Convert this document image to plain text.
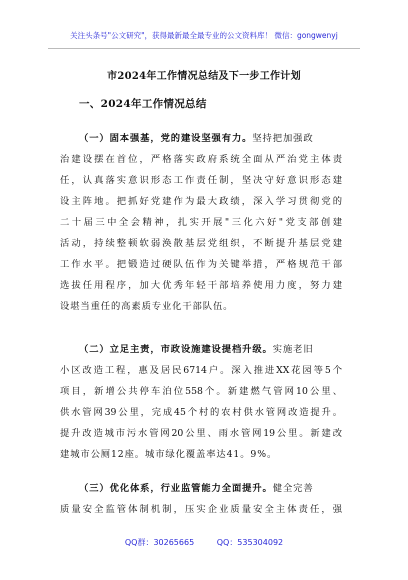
关注头条号"公文研究"，获得最新最全最专业的公文资料库！ 微信：gongwenyj
市2024年工作情况总结及下一步工作计划
一、2024年工作情况总结
（一）固本强基，党的建设坚强有力。坚持把加强政
治建设摆在首位，严格落实政府系统全面从严治党主体责
任，认真落实意识形态工作责任制，坚决守好意识形态建
设主阵地。把抓好党建作为最大政绩，深入学习贯彻党的
二十届三中全会精神，扎实开展"三化六好"党支部创建
活动，持续整顿软弱涣散基层党组织，不断提升基层党建
工作水平。把锻造过硬队伍作为关键举措，严格规范干部
选拔任用程序，加大优秀年轻干部培养使用力度，努力建
设堪当重任的高素质专业化干部队伍。
（二）立足主责，市政设施建设提档升级。实施老旧
小区改造工程，惠及居民6714户。深入推进XX花园等5个
项目，新增公共停车泊位558个。新建燃气管网10公里、
供水管网39公里，完成45个村的农村供水管网改造提升。
提升改造城市污水管网20公里、雨水管网19公里。新建改
建城市公厕12座。城市绿化覆盖率达41。9%。
（三）优化体系，行业监管能力全面提升。健全完善
质量安全监管体制机制，压实企业质量安全主体责任，强
QQ群：30265665	QQ：535304092
